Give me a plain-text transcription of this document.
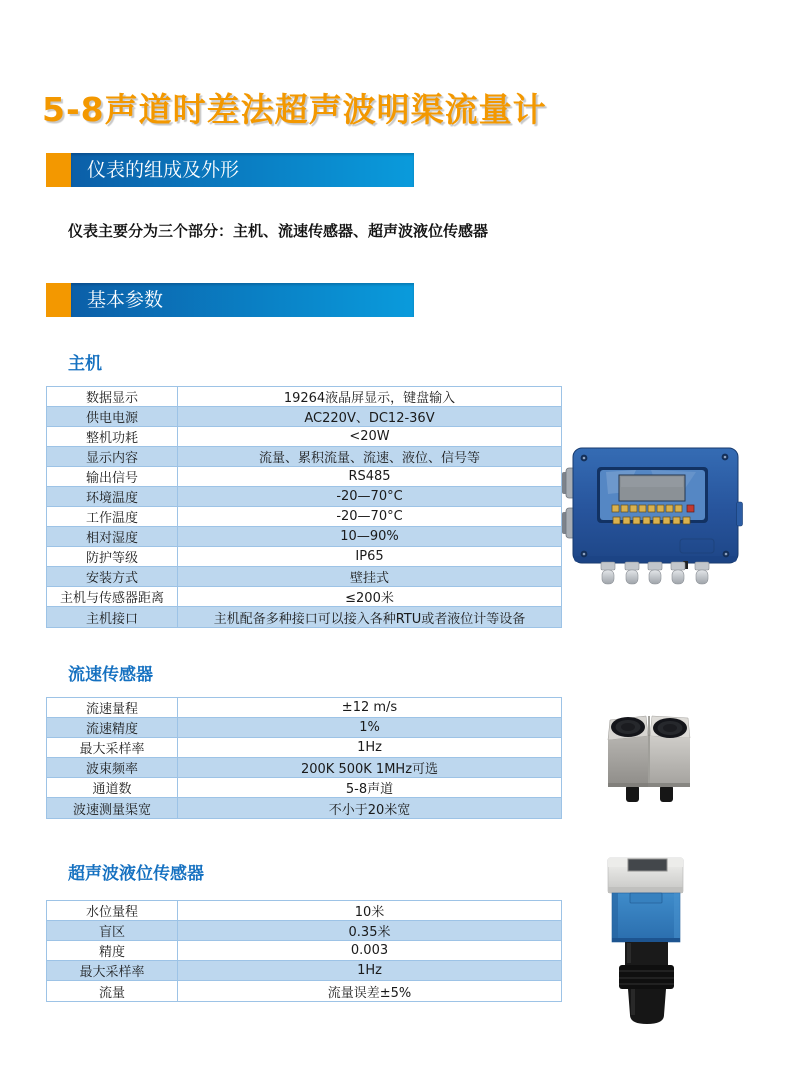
5-8声道时差法超声波明渠流量计
仪表的组成及外形
仪表主要分为三个部分：主机、流速传感器、超声波液位传感器
基本参数
主机
数据显示	19264液晶屏显示，键盘输入
供电电源	AC220V、DC12-36V
整机功耗	<20W
显示内容	流量、累积流量、流速、液位、信号等
输出信号	RS485
环境温度	-20—70°C
工作温度	-20—70°C
相对湿度	10—90%
防护等级	IP65
安装方式	壁挂式
主机与传感器距离	≤200米
主机接口	主机配备多种接口可以接入各种RTU或者液位计等设备
流速传感器
流速量程	±12 m/s
流速精度	1%
最大采样率	1Hz
波束频率	200K 500K 1MHz可选
通道数	5-8声道
波速测量渠宽	不小于20米宽
超声波液位传感器
水位量程	10米
盲区	0.35米
精度	0.003
最大采样率	1Hz
流量	流量误差±5%
